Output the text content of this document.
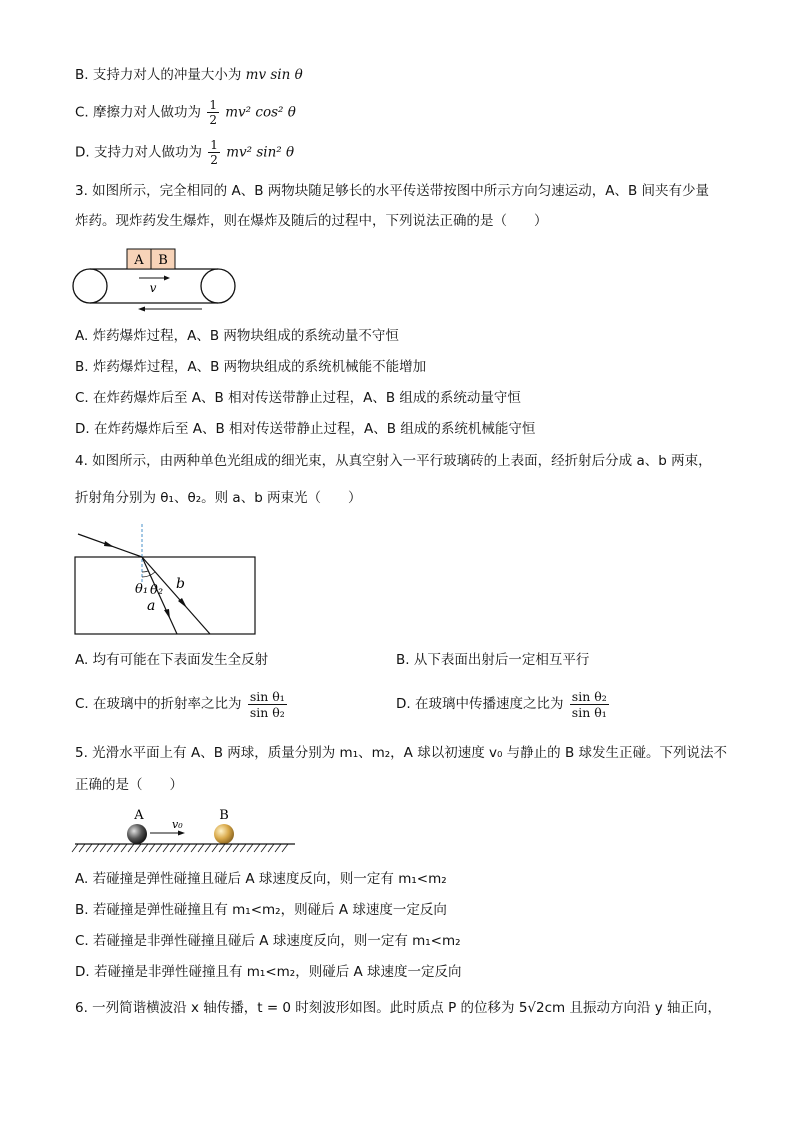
B. 支持力对人的冲量大小为 mv sin θ
C. 摩擦力对人做功为 $\frac{1}{2} mv^2$ cos² θ
D. 支持力对人做功为 $\frac{1}{2} mv^2$ sin² θ
3. 如图所示，完全相同的 A、B 两物块随足够长的水平传送带按图中所示方向匀速运动，A、B 间夹有少量
炸药。现炸药发生爆炸，则在爆炸及随后的过程中，下列说法正确的是（　　）
A B
v
A. 炸药爆炸过程，A、B 两物块组成的系统动量不守恒
B. 炸药爆炸过程，A、B 两物块组成的系统机械能不能增加
C. 在炸药爆炸后至 A、B 相对传送带静止过程，A、B 组成的系统动量守恒
D. 在炸药爆炸后至 A、B 相对传送带静止过程，A、B 组成的系统机械能守恒
4. 如图所示，由两种单色光组成的细光束，从真空射入一平行玻璃砖的上表面，经折射后分成 a、b 两束，
折射角分别为 θ₁、θ₂。则 a、b 两束光（　　）
θ₁ θ₂
a
b
A. 均有可能在下表面发生全反射	B. 从下表面出射后一定相互平行
C. 在玻璃中的折射率之比为 $\frac{\text{sin θ₁}}{\text{sin θ₂}}$	D. 在玻璃中传播速度之比为 $\frac{\text{sin θ₂}}{\text{sin θ₁}}$
5. 光滑水平面上有 A、B 两球，质量分别为 m₁、m₂，A 球以初速度 v₀ 与静止的 B 球发生正碰。下列说法不
正确的是（　　）
A	B
v₀
A. 若碰撞是弹性碰撞且碰后 A 球速度反向，则一定有 m₁<m₂
B. 若碰撞是弹性碰撞且有 m₁<m₂，则碰后 A 球速度一定反向
C. 若碰撞是非弹性碰撞且碰后 A 球速度反向，则一定有 m₁<m₂
D. 若碰撞是非弹性碰撞且有 m₁<m₂，则碰后 A 球速度一定反向
6. 一列简谐横波沿 x 轴传播，t = 0 时刻波形如图。此时质点 P 的位移为 5√2cm 且振动方向沿 y 轴正向，
